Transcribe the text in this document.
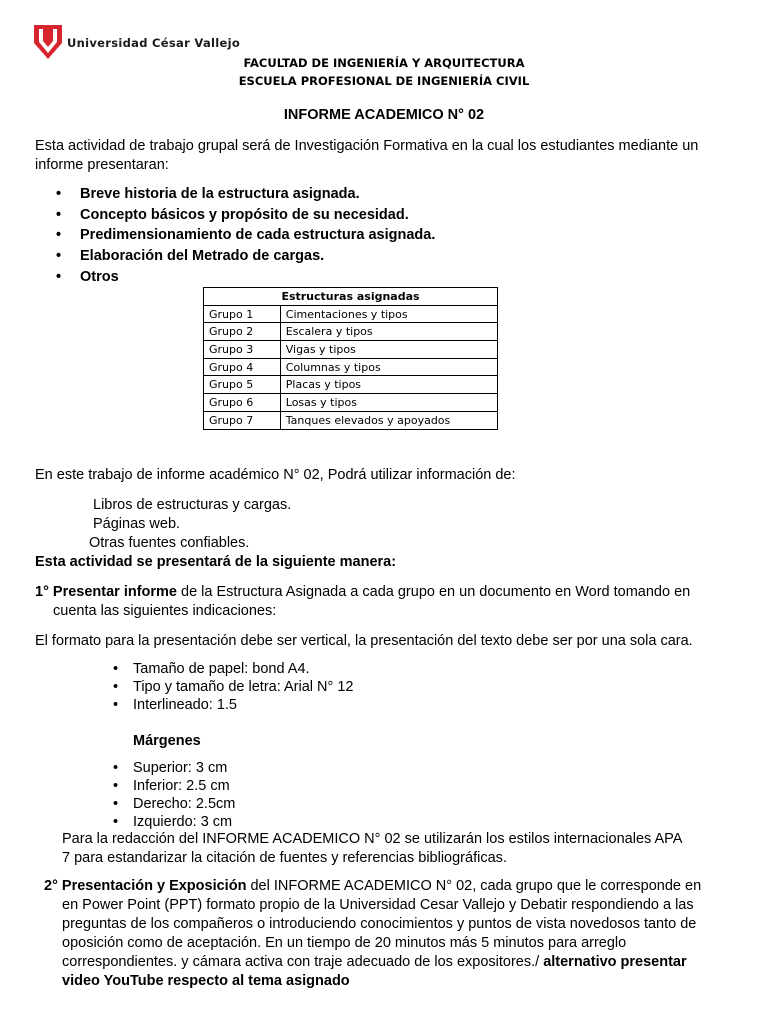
Universidad César Vallejo
FACULTAD DE INGENIERÍA Y ARQUITECTURA
ESCUELA PROFESIONAL DE INGENIERÍA CIVIL
INFORME ACADEMICO N° 02
Esta actividad de trabajo grupal será de Investigación Formativa en la cual los estudiantes mediante un informe presentaran:
• Breve historia de la estructura asignada.
• Concepto básicos y propósito de su necesidad.
• Predimensionamiento de cada estructura asignada.
• Elaboración del Metrado de cargas.
• Otros
Estructuras asignadas	
Grupo 1	Cimentaciones y tipos
Grupo 2	Escalera y tipos
Grupo 3	Vigas y tipos
Grupo 4	Columnas y tipos
Grupo 5	Placas y tipos
Grupo 6	Losas y tipos
Grupo 7	Tanques elevados y apoyados
En este trabajo de informe académico N° 02, Podrá utilizar información de:
Libros de estructuras y cargas.
Páginas web.
Otras fuentes confiables.
Esta actividad se presentará de la siguiente manera:
1° Presentar informe de la Estructura Asignada a cada grupo en un documento en Word tomando en
cuenta las siguientes indicaciones:
El formato para la presentación debe ser vertical, la presentación del texto debe ser por una sola cara.
• Tamaño de papel: bond A4.
• Tipo y tamaño de letra: Arial N° 12
• Interlineado: 1.5
Márgenes
• Superior: 3 cm
• Inferior: 2.5 cm
• Derecho: 2.5cm
• Izquierdo: 3 cm
Para la redacción del INFORME ACADEMICO N° 02 se utilizarán los estilos internacionales APA
7 para estandarizar la citación de fuentes y referencias bibliográficas.
2° Presentación y Exposición del INFORME ACADEMICO N° 02, cada grupo que le corresponde en
en Power Point (PPT) formato propio de la Universidad Cesar Vallejo y Debatir respondiendo a las
preguntas de los compañeros o introduciendo conocimientos y puntos de vista novedosos tanto de
oposición como de aceptación. En un tiempo de 20 minutos más 5 minutos para arreglo
correspondientes. y cámara activa con traje adecuado de los expositores./ alternativo presentar
video YouTube respecto al tema asignado
